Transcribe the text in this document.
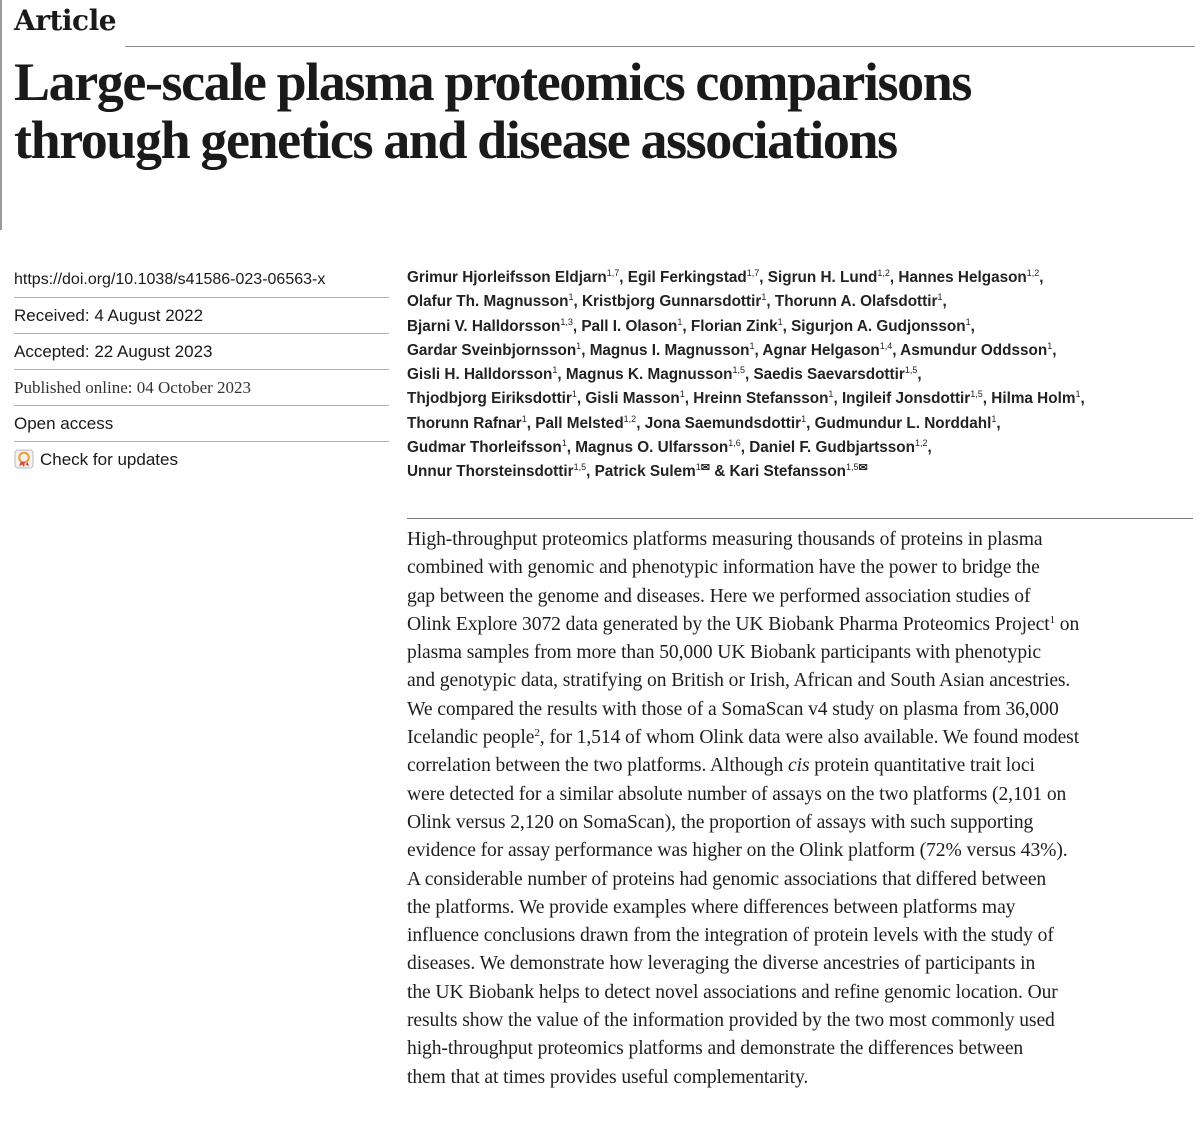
Article
Large-scale plasma proteomics comparisons
through genetics and disease associations
https://doi.org/10.1038/s41586-023-06563-x
Received: 4 August 2022
Accepted: 22 August 2023
Published online: 04 October 2023
Open access
Check for updates

Grimur Hjorleifsson Eldjarn$^{1,7}$, Egil Ferkingstad$^{1,7}$, Sigrun H. Lund$^{1,2}$, Hannes Helgason$^{1,2}$,

Olafur Th. Magnusson$^1$, Kristbjorg Gunnarsdottir$^1$, Thorunn A. Olafsdottir$^1$,

Bjarni V. Halldorsson$^{1,3}$, Pall I. Olason$^1$, Florian Zink$^1$, Sigurjon A. Gudjonsson$^1$,

Gardar Sveinbjornsson$^1$, Magnus I. Magnusson$^1$, Agnar Helgason$^{1,4}$, Asmundur Oddsson$^1$,

Gisli H. Halldorsson$^1$, Magnus K. Magnusson$^{1,5}$, Saedis Saevarsdottir$^{1,5}$,

Thjodbjorg Eiriksdottir$^1$, Gisli Masson$^1$, Hreinn Stefansson$^1$, Ingileif Jonsdottir$^{1,5}$, Hilma Holm$^1$,

Thorunn Rafnar$^1$, Pall Melsted$^{1,2}$, Jona Saemundsdottir$^1$, Gudmundur L. Norddahl$^1$,

Gudmar Thorleifsson$^1$, Magnus O. Ulfarsson$^{1,6}$, Daniel F. Gudbjartsson$^{1,2}$,

Unnur Thorsteinsdottir$^{1,5}$, Patrick Sulem$^{1✉}$ & Kari Stefansson$^{1,5✉}$

High-throughput proteomics platforms measuring thousands of proteins in plasma

combined with genomic and phenotypic information have the power to bridge the

gap between the genome and diseases. Here we performed association studies of

Olink Explore 3072 data generated by the UK Biobank Pharma Proteomics Project$^1$ on

plasma samples from more than 50,000 UK Biobank participants with phenotypic

and genotypic data, stratifying on British or Irish, African and South Asian ancestries.

We compared the results with those of a SomaScan v4 study on plasma from 36,000

Icelandic people$^2$, for 1,514 of whom Olink data were also available. We found modest

correlation between the two platforms. Although cis protein quantitative trait loci

were detected for a similar absolute number of assays on the two platforms (2,101 on

Olink versus 2,120 on SomaScan), the proportion of assays with such supporting

evidence for assay performance was higher on the Olink platform (72% versus 43%).

A considerable number of proteins had genomic associations that differed between

the platforms. We provide examples where differences between platforms may

influence conclusions drawn from the integration of protein levels with the study of

diseases. We demonstrate how leveraging the diverse ancestries of participants in

the UK Biobank helps to detect novel associations and refine genomic location. Our

results show the value of the information provided by the two most commonly used

high-throughput proteomics platforms and demonstrate the differences between

them that at times provides useful complementarity.
